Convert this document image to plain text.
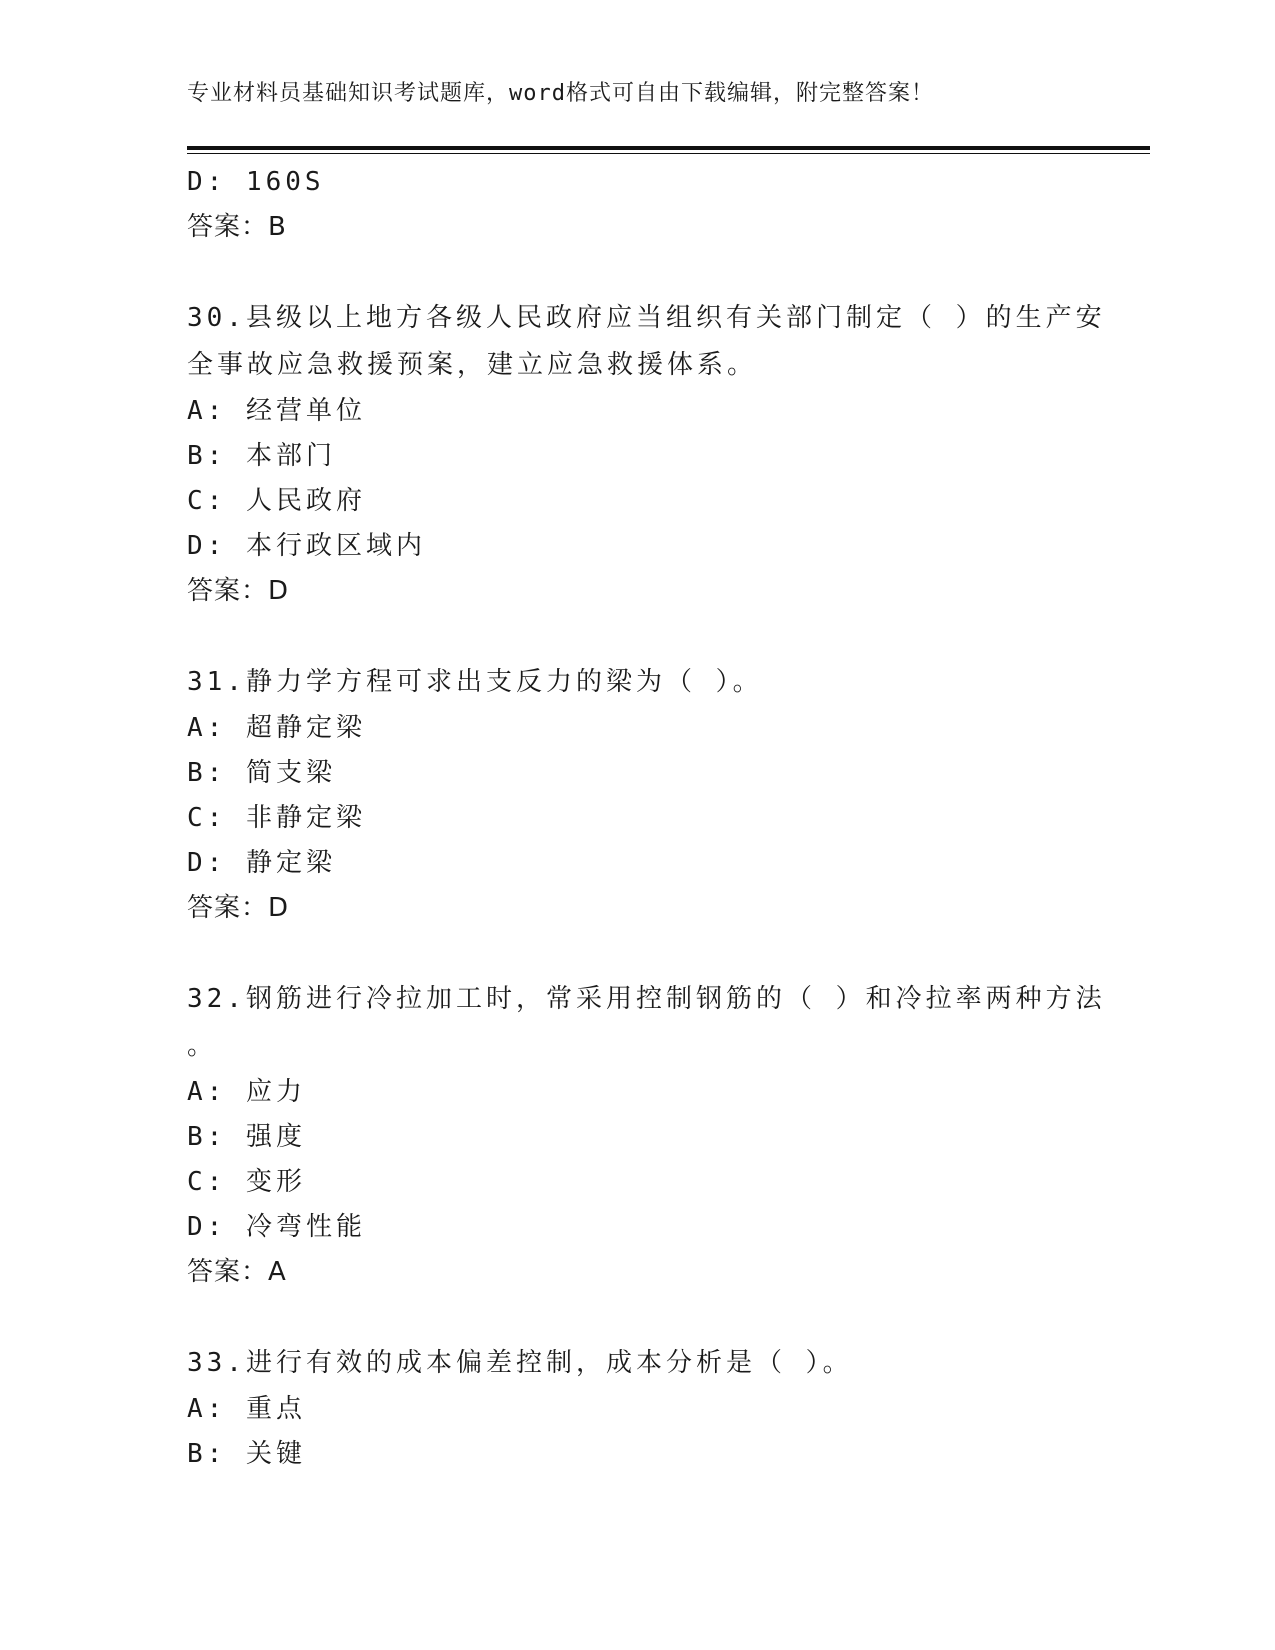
专业材料员基础知识考试题库，word格式可自由下载编辑，附完整答案！
D: 160S
答案：B
30.县级以上地方各级人民政府应当组织有关部门制定（ ）的生产安
全事故应急救援预案，建立应急救援体系。
A: 经营单位
B: 本部门
C: 人民政府
D: 本行政区域内
答案：D
31.静力学方程可求出支反力的梁为（ ）。
A: 超静定梁
B: 简支梁
C: 非静定梁
D: 静定梁
答案：D
32.钢筋进行冷拉加工时，常采用控制钢筋的（ ）和冷拉率两种方法
。
A: 应力
B: 强度
C: 变形
D: 冷弯性能
答案：A
33.进行有效的成本偏差控制，成本分析是（ ）。
A: 重点
B: 关键
